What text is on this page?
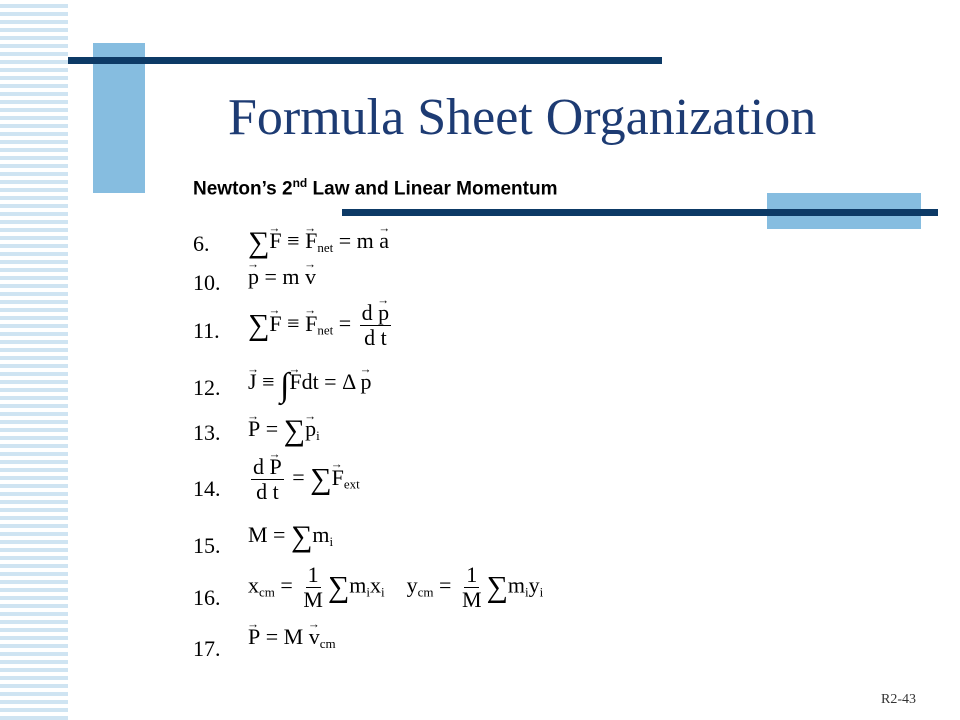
Formula Sheet Organization
Newton’s 2nd Law and Linear Momentum
6. ∑→ F ≡ → Fnet = m → a
10. → p = m → v
11. ∑→ F ≡ → Fnet = $\frac{d \to p}{\text{d t}}$
12. → J ≡ ∫→ Fdt = Δ → p
13. → P = ∑→ pi
14. $\frac{d \to P}{\text{d t}}$ = ∑→ Fext
15. M = ∑mi
16. xcm = $\frac{1}{M}$ ∑mixi    ycm = $\frac{1}{M}$ ∑miyi
17. → P = M → vcm
R2-43
